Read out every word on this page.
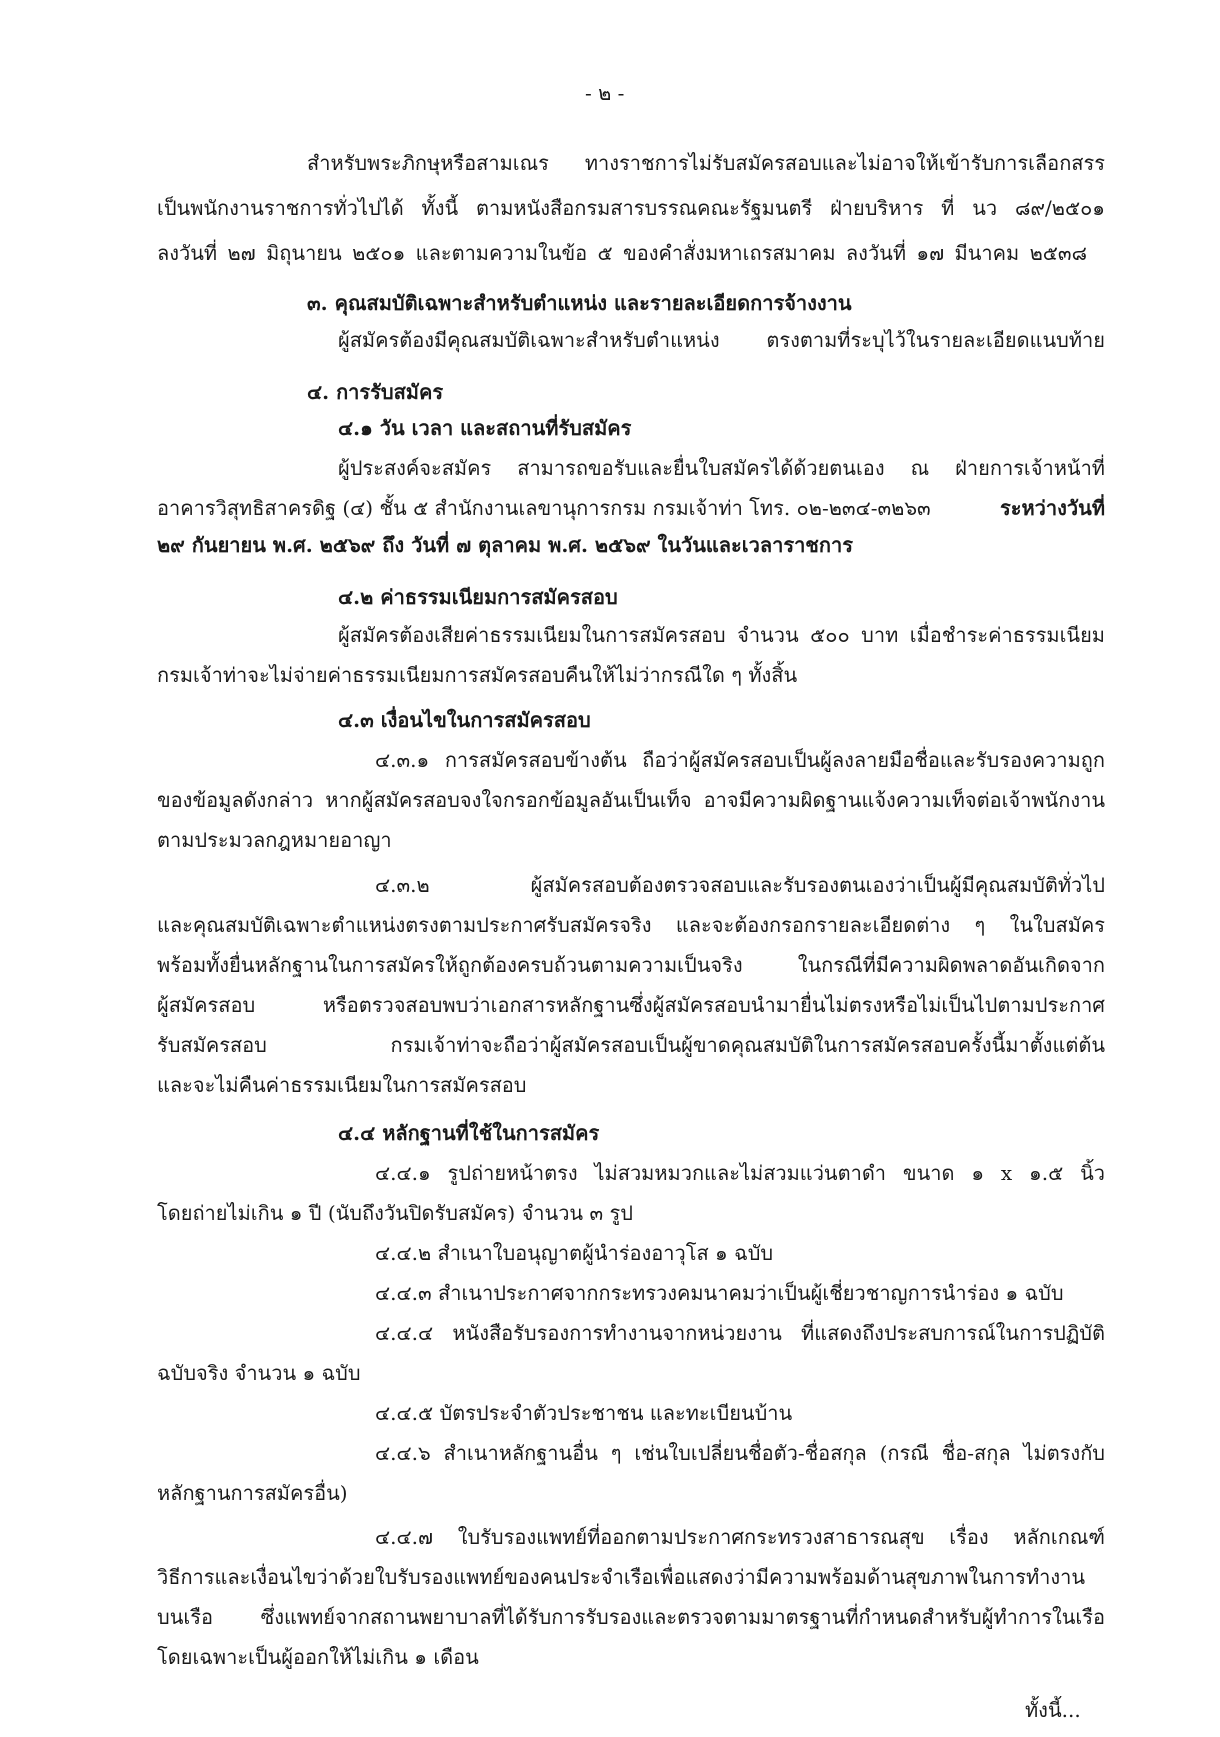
- ๒ -
สำหรับพระภิกษุหรือสามเณร ทางราชการไม่รับสมัครสอบและไม่อาจให้เข้ารับการเลือกสรร
เป็นพนักงานราชการทั่วไปได้ ทั้งนี้ ตามหนังสือกรมสารบรรณคณะรัฐมนตรี ฝ่ายบริหาร ที่ นว ๘๙/๒๕๐๑
ลงวันที่ ๒๗ มิถุนายน ๒๕๐๑ และตามความในข้อ ๕ ของคำสั่งมหาเถรสมาคม ลงวันที่ ๑๗ มีนาคม ๒๕๓๘
๓. คุณสมบัติเฉพาะสำหรับตำแหน่ง และรายละเอียดการจ้างงาน
ผู้สมัครต้องมีคุณสมบัติเฉพาะสำหรับตำแหน่ง ตรงตามที่ระบุไว้ในรายละเอียดแนบท้าย
๔. การรับสมัคร
๔.๑ วัน เวลา และสถานที่รับสมัคร
ผู้ประสงค์จะสมัคร สามารถขอรับและยื่นใบสมัครได้ด้วยตนเอง ณ ฝ่ายการเจ้าหน้าที่
อาคารวิสุทธิสาครดิฐ (๔) ชั้น ๕ สำนักงานเลขานุการกรม กรมเจ้าท่า โทร. ๐๒-๒๓๔-๓๒๖๓	ระหว่างวันที่
๒๙ กันยายน พ.ศ. ๒๕๖๙ ถึง วันที่ ๗ ตุลาคม พ.ศ. ๒๕๖๙ ในวันและเวลาราชการ
๔.๒ ค่าธรรมเนียมการสมัครสอบ
ผู้สมัครต้องเสียค่าธรรมเนียมในการสมัครสอบ จำนวน ๕๐๐ บาท เมื่อชำระค่าธรรมเนียม
กรมเจ้าท่าจะไม่จ่ายค่าธรรมเนียมการสมัครสอบคืนให้ไม่ว่ากรณีใด ๆ ทั้งสิ้น
๔.๓ เงื่อนไขในการสมัครสอบ
๔.๓.๑ การสมัครสอบข้างต้น ถือว่าผู้สมัครสอบเป็นผู้ลงลายมือชื่อและรับรองความถูก
ของข้อมูลดังกล่าว หากผู้สมัครสอบจงใจกรอกข้อมูลอันเป็นเท็จ อาจมีความผิดฐานแจ้งความเท็จต่อเจ้าพนักงาน
ตามประมวลกฎหมายอาญา
๔.๓.๒ ผู้สมัครสอบต้องตรวจสอบและรับรองตนเองว่าเป็นผู้มีคุณสมบัติทั่วไป
และคุณสมบัติเฉพาะตำแหน่งตรงตามประกาศรับสมัครจริง และจะต้องกรอกรายละเอียดต่าง ๆ ในใบสมัคร
พร้อมทั้งยื่นหลักฐานในการสมัครให้ถูกต้องครบถ้วนตามความเป็นจริง ในกรณีที่มีความผิดพลาดอันเกิดจาก
ผู้สมัครสอบ หรือตรวจสอบพบว่าเอกสารหลักฐานซึ่งผู้สมัครสอบนำมายื่นไม่ตรงหรือไม่เป็นไปตามประกาศ
รับสมัครสอบ กรมเจ้าท่าจะถือว่าผู้สมัครสอบเป็นผู้ขาดคุณสมบัติในการสมัครสอบครั้งนี้มาตั้งแต่ต้น
และจะไม่คืนค่าธรรมเนียมในการสมัครสอบ
๔.๔ หลักฐานที่ใช้ในการสมัคร
๔.๔.๑ รูปถ่ายหน้าตรง ไม่สวมหมวกและไม่สวมแว่นตาดำ ขนาด ๑ x ๑.๕ นิ้ว
โดยถ่ายไม่เกิน ๑ ปี (นับถึงวันปิดรับสมัคร) จำนวน ๓ รูป
๔.๔.๒ สำเนาใบอนุญาตผู้นำร่องอาวุโส ๑ ฉบับ
๔.๔.๓ สำเนาประกาศจากกระทรวงคมนาคมว่าเป็นผู้เชี่ยวชาญการนำร่อง ๑ ฉบับ
๔.๔.๔ หนังสือรับรองการทำงานจากหน่วยงาน ที่แสดงถึงประสบการณ์ในการปฏิบัติ
ฉบับจริง จำนวน ๑ ฉบับ
๔.๔.๕ บัตรประจำตัวประชาชน และทะเบียนบ้าน
๔.๔.๖ สำเนาหลักฐานอื่น ๆ เช่นใบเปลี่ยนชื่อตัว-ชื่อสกุล (กรณี ชื่อ-สกุล ไม่ตรงกับ
หลักฐานการสมัครอื่น)
๔.๔.๗ ใบรับรองแพทย์ที่ออกตามประกาศกระทรวงสาธารณสุข เรื่อง หลักเกณฑ์
วิธีการและเงื่อนไขว่าด้วยใบรับรองแพทย์ของคนประจำเรือเพื่อแสดงว่ามีความพร้อมด้านสุขภาพในการทำงาน
บนเรือ ซึ่งแพทย์จากสถานพยาบาลที่ได้รับการรับรองและตรวจตามมาตรฐานที่กำหนดสำหรับผู้ทำการในเรือ
โดยเฉพาะเป็นผู้ออกให้ไม่เกิน ๑ เดือน
ทั้งนี้...
